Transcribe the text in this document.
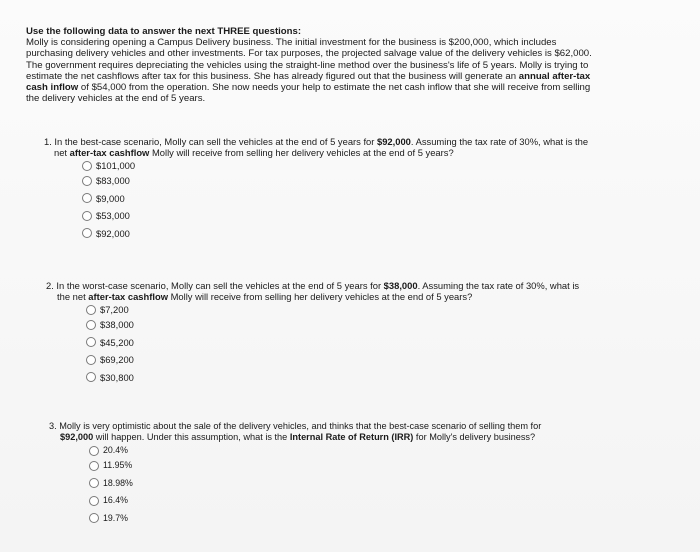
Use the following data to answer the next THREE questions:
Molly is considering opening a Campus Delivery business. The initial investment for the business is $200,000, which includes
purchasing delivery vehicles and other investments. For tax purposes, the projected salvage value of the delivery vehicles is $62,000.
The government requires depreciating the vehicles using the straight-line method over the business's life of 5 years. Molly is trying to
estimate the net cashflows after tax for this business. She has already figured out that the business will generate an annual after-tax
cash inflow of $54,000 from the operation. She now needs your help to estimate the net cash inflow that she will receive from selling
the delivery vehicles at the end of 5 years.
1. In the best-case scenario, Molly can sell the vehicles at the end of 5 years for $92,000. Assuming the tax rate of 30%, what is the
net after-tax cashflow Molly will receive from selling her delivery vehicles at the end of 5 years?
$101,000
$83,000
$9,000
$53,000
$92,000
2. In the worst-case scenario, Molly can sell the vehicles at the end of 5 years for $38,000. Assuming the tax rate of 30%, what is
the net after-tax cashflow Molly will receive from selling her delivery vehicles at the end of 5 years?
$7,200
$38,000
$45,200
$69,200
$30,800
3. Molly is very optimistic about the sale of the delivery vehicles, and thinks that the best-case scenario of selling them for
$92,000 will happen. Under this assumption, what is the Internal Rate of Return (IRR) for Molly's delivery business?
20.4%
11.95%
18.98%
16.4%
19.7%
